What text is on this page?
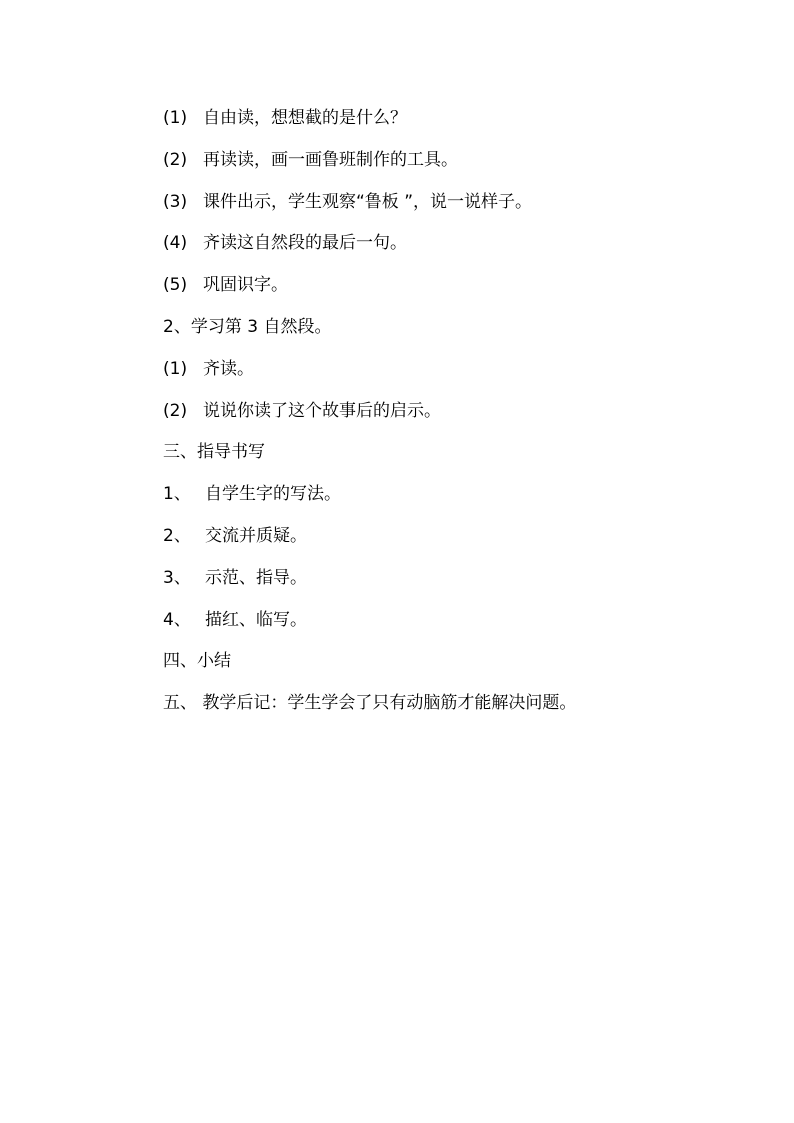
(1) 自由读，想想截的是什么？
(2) 再读读，画一画鲁班制作的工具。
(3) 课件出示，学生观察“鲁板 ”，说一说样子。
(4) 齐读这自然段的最后一句。
(5) 巩固识字。
2、学习第 3 自然段。
(1) 齐读。
(2) 说说你读了这个故事后的启示。
三、指导书写
1、 自学生字的写法。
2、 交流并质疑。
3、 示范、指导。
4、 描红、临写。
四、小结
五、 教学后记：学生学会了只有动脑筋才能解决问题。
